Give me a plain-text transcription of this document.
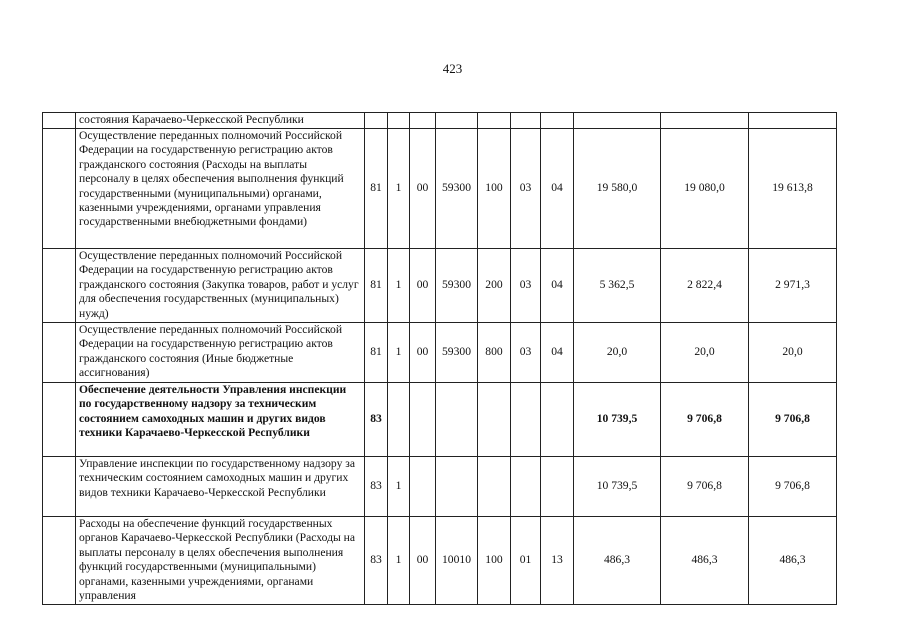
423
	состояния Карачаево-Черкесской Республики										
	Осуществление переданных полномочий Российской Федерации на государственную регистрацию актов гражданского состояния (Расходы на выплаты персоналу в целях обеспечения выполнения функций государственными (муниципальными) органами, казенными учреждениями, органами управления государственными внебюджетными фондами)	81	1	00	59300	100	03	04	19 580,0	19 080,0	19 613,8
	Осуществление переданных полномочий Российской Федерации на государственную регистрацию актов гражданского состояния (Закупка товаров, работ и услуг для обеспечения государственных (муниципальных) нужд)	81	1	00	59300	200	03	04	5 362,5	2 822,4	2 971,3
	Осуществление переданных полномочий Российской Федерации на государственную регистрацию актов гражданского состояния (Иные бюджетные ассигнования)	81	1	00	59300	800	03	04	20,0	20,0	20,0
	Обеспечение деятельности Управления инспекции по государственному надзору за техническим состоянием самоходных машин и других видов техники Карачаево-Черкесской Республики	83							10 739,5	9 706,8	9 706,8
	Управление инспекции по государственному надзору за техническим состоянием самоходных машин и других видов техники Карачаево-Черкесской Республики	83	1						10 739,5	9 706,8	9 706,8
	Расходы на обеспечение функций государственных органов Карачаево-Черкесской Республики (Расходы на выплаты персоналу в целях обеспечения выполнения функций государственными (муниципальными) органами, казенными учреждениями, органами управления	83	1	00	10010	100	01	13	486,3	486,3	486,3
